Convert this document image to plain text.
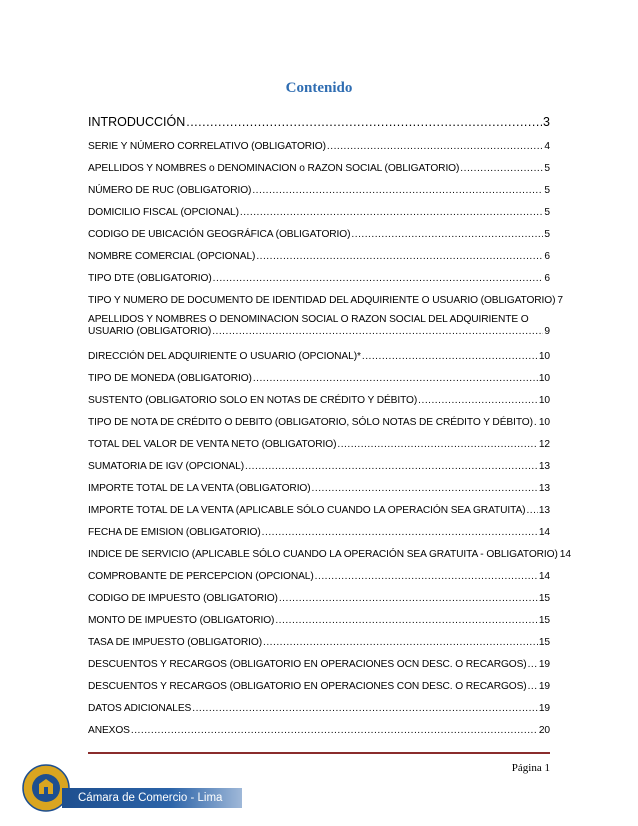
Contenido
INTRODUCCIÓN .....	3
SERIE Y NÚMERO CORRELATIVO (OBLIGATORIO) .....	4
APELLIDOS Y NOMBRES o DENOMINACION o RAZON SOCIAL (OBLIGATORIO) .....	5
NÚMERO DE RUC (OBLIGATORIO) .....	5
DOMICILIO FISCAL (OPCIONAL) .....	5
CODIGO DE UBICACIÓN GEOGRÁFICA (OBLIGATORIO) .....	5
NOMBRE COMERCIAL (OPCIONAL) .....	6
TIPO DTE (OBLIGATORIO) .....	6
TIPO Y NUMERO DE DOCUMENTO DE IDENTIDAD DEL ADQUIRIENTE O USUARIO (OBLIGATORIO) 7
APELLIDOS Y NOMBRES O DENOMINACION SOCIAL O RAZON SOCIAL DEL ADQUIRIENTE O
USUARIO (OBLIGATORIO) .....	9
DIRECCIÓN DEL ADQUIRIENTE O USUARIO (OPCIONAL)* .....	10
TIPO DE MONEDA (OBLIGATORIO) .....	10
SUSTENTO (OBLIGATORIO SOLO EN NOTAS DE CRÉDITO Y DÉBITO) .....	10
TIPO DE NOTA DE CRÉDITO O DEBITO (OBLIGATORIO, SÓLO NOTAS DE CRÉDITO Y DÉBITO) ..... 10
TOTAL DEL VALOR DE VENTA NETO (OBLIGATORIO) .....	12
SUMATORIA DE IGV (OPCIONAL) .....	13
IMPORTE TOTAL DE LA VENTA (OBLIGATORIO) .....	13
IMPORTE TOTAL DE LA VENTA (APLICABLE SÓLO CUANDO LA OPERACIÓN SEA GRATUITA) ..... 13
FECHA DE EMISION (OBLIGATORIO) .....	14
INDICE DE SERVICIO (APLICABLE SÓLO CUANDO LA OPERACIÓN SEA GRATUITA - OBLIGATORIO) 14
COMPROBANTE DE PERCEPCION (OPCIONAL) .....	14
CODIGO DE IMPUESTO (OBLIGATORIO) .....	15
MONTO DE IMPUESTO (OBLIGATORIO) .....	15
TASA DE IMPUESTO (OBLIGATORIO) .....	15
DESCUENTOS Y RECARGOS (OBLIGATORIO EN OPERACIONES OCN DESC. O RECARGOS) ..... 19
DESCUENTOS Y RECARGOS (OBLIGATORIO EN OPERACIONES CON DESC. O RECARGOS) ..... 19
DATOS ADICIONALES .....	19
ANEXOS .....	20
Página 1
Cámara de Comercio - Lima
